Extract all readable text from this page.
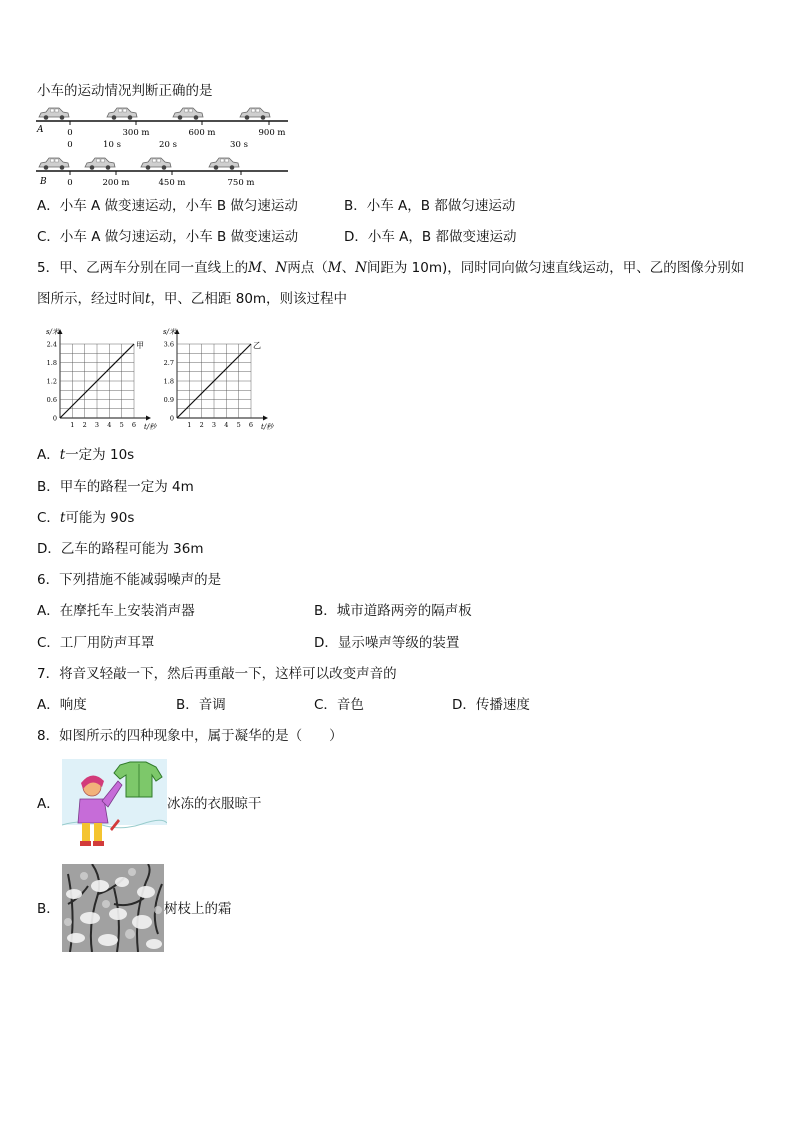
小车的运动情况判断正确的是
A	0	300 m	600 m	900 m
0	10 s	20 s	30 s
B 0	200 m	450 m	750 m
A．小车 A 做变速运动，小车 B 做匀速运动	B．小车 A，B 都做匀速运动
C．小车 A 做匀速运动，小车 B 做变速运动	D．小车 A，B 都做变速运动
5．甲、乙两车分别在同一直线上的M、N两点（M、N间距为 10m)，同时同向做匀速直线运动，甲、乙的图像分别如
图所示，经过时间t，甲、乙相距 80m，则该过程中
s/米
t/秒
1 2 3 4 5 6
0
0.6
1.2
1.8
2.4	甲
s/米
t/秒
1 2 3 4 5 6
0
0.9
1.8
2.7
3.6	乙
A．t一定为 10s
B．甲车的路程一定为 4m
C．t可能为 90s
D．乙车的路程可能为 36m
6．下列措施不能减弱噪声的是
A．在摩托车上安装消声器	B．城市道路两旁的隔声板
C．工厂用防声耳罩	D．显示噪声等级的装置
7．将音叉轻敲一下，然后再重敲一下，这样可以改变声音的
A．响度	B．音调	C．音色	D．传播速度
8．如图所示的四种现象中，属于凝华的是（　　）
A．	冰冻的衣服晾干
B．	树枝上的霜
